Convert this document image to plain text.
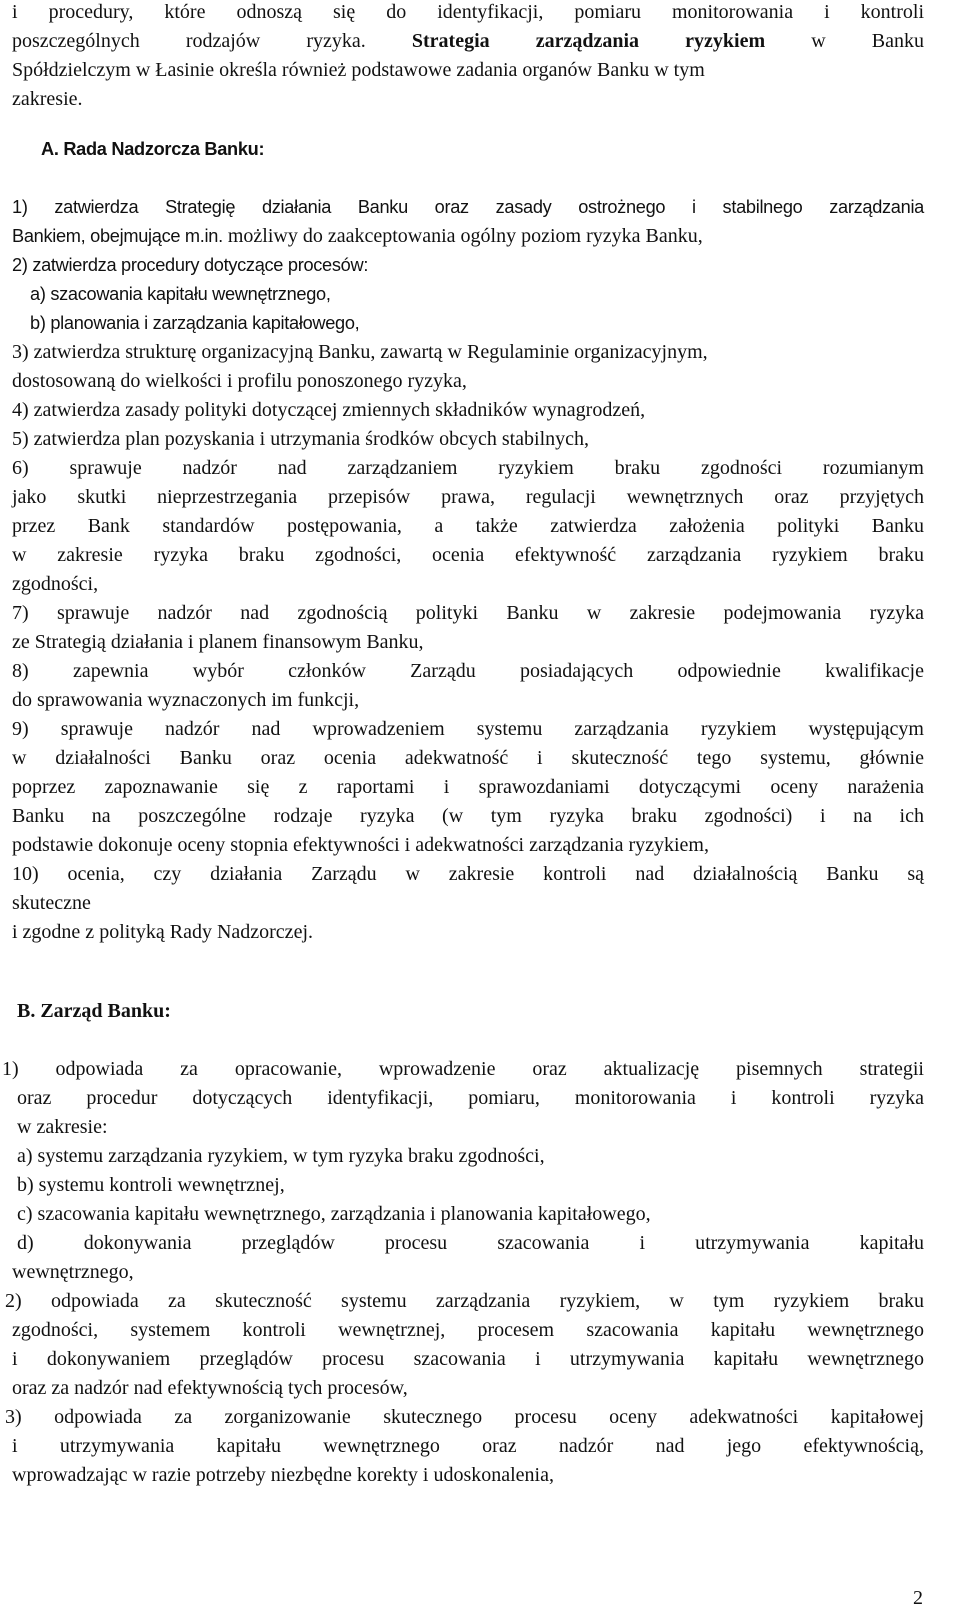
i procedury, które odnoszą się do identyfikacji, pomiaru monitorowania i kontroli
poszczególnych rodzajów ryzyka. Strategia zarządzania ryzykiem w Banku
Spółdzielczym w Łasinie określa również podstawowe zadania organów Banku w tym
zakresie.
A. Rada Nadzorcza Banku:
1) zatwierdza Strategię działania Banku oraz zasady ostrożnego i stabilnego zarządzania
Bankiem, obejmujące m.in. możliwy do zaakceptowania ogólny poziom ryzyka Banku,
2) zatwierdza procedury dotyczące procesów:
a) szacowania kapitału wewnętrznego,
b) planowania i zarządzania kapitałowego,
3) zatwierdza strukturę organizacyjną Banku, zawartą w Regulaminie organizacyjnym,
dostosowaną do wielkości i profilu ponoszonego ryzyka,
4) zatwierdza zasady polityki dotyczącej zmiennych składników wynagrodzeń,
5) zatwierdza plan pozyskania i utrzymania środków obcych stabilnych,
6) sprawuje nadzór nad zarządzaniem ryzykiem braku zgodności rozumianym
jako skutki nieprzestrzegania przepisów prawa, regulacji wewnętrznych oraz przyjętych
przez Bank standardów postępowania, a także zatwierdza założenia polityki Banku
w zakresie ryzyka braku zgodności, ocenia efektywność zarządzania ryzykiem braku
zgodności,
7) sprawuje nadzór nad zgodnością polityki Banku w zakresie podejmowania ryzyka
ze Strategią działania i planem finansowym Banku,
8) zapewnia wybór członków Zarządu posiadających odpowiednie kwalifikacje
do sprawowania wyznaczonych im funkcji,
9) sprawuje nadzór nad wprowadzeniem systemu zarządzania ryzykiem występującym
w działalności Banku oraz ocenia adekwatność i skuteczność tego systemu, głównie
poprzez zapoznawanie się z raportami i sprawozdaniami dotyczącymi oceny narażenia
Banku na poszczególne rodzaje ryzyka (w tym ryzyka braku zgodności) i na ich
podstawie dokonuje oceny stopnia efektywności i adekwatności zarządzania ryzykiem,
10) ocenia, czy działania Zarządu w zakresie kontroli nad działalnością Banku są
skuteczne
i zgodne z polityką Rady Nadzorczej.
B. Zarząd Banku:
1) odpowiada za opracowanie, wprowadzenie oraz aktualizację pisemnych strategii
oraz procedur dotyczących identyfikacji, pomiaru, monitorowania i kontroli ryzyka
w zakresie:
a) systemu zarządzania ryzykiem, w tym ryzyka braku zgodności,
b) systemu kontroli wewnętrznej,
c) szacowania kapitału wewnętrznego, zarządzania i planowania kapitałowego,
d) dokonywania przeglądów procesu szacowania i utrzymywania kapitału
wewnętrznego,
2) odpowiada za skuteczność systemu zarządzania ryzykiem, w tym ryzykiem braku
zgodności, systemem kontroli wewnętrznej, procesem szacowania kapitału wewnętrznego
i dokonywaniem przeglądów procesu szacowania i utrzymywania kapitału wewnętrznego
oraz za nadzór nad efektywnością tych procesów,
3) odpowiada za zorganizowanie skutecznego procesu oceny adekwatności kapitałowej
i utrzymywania kapitału wewnętrznego oraz nadzór nad jego efektywnością,
wprowadzając w razie potrzeby niezbędne korekty i udoskonalenia,
2
